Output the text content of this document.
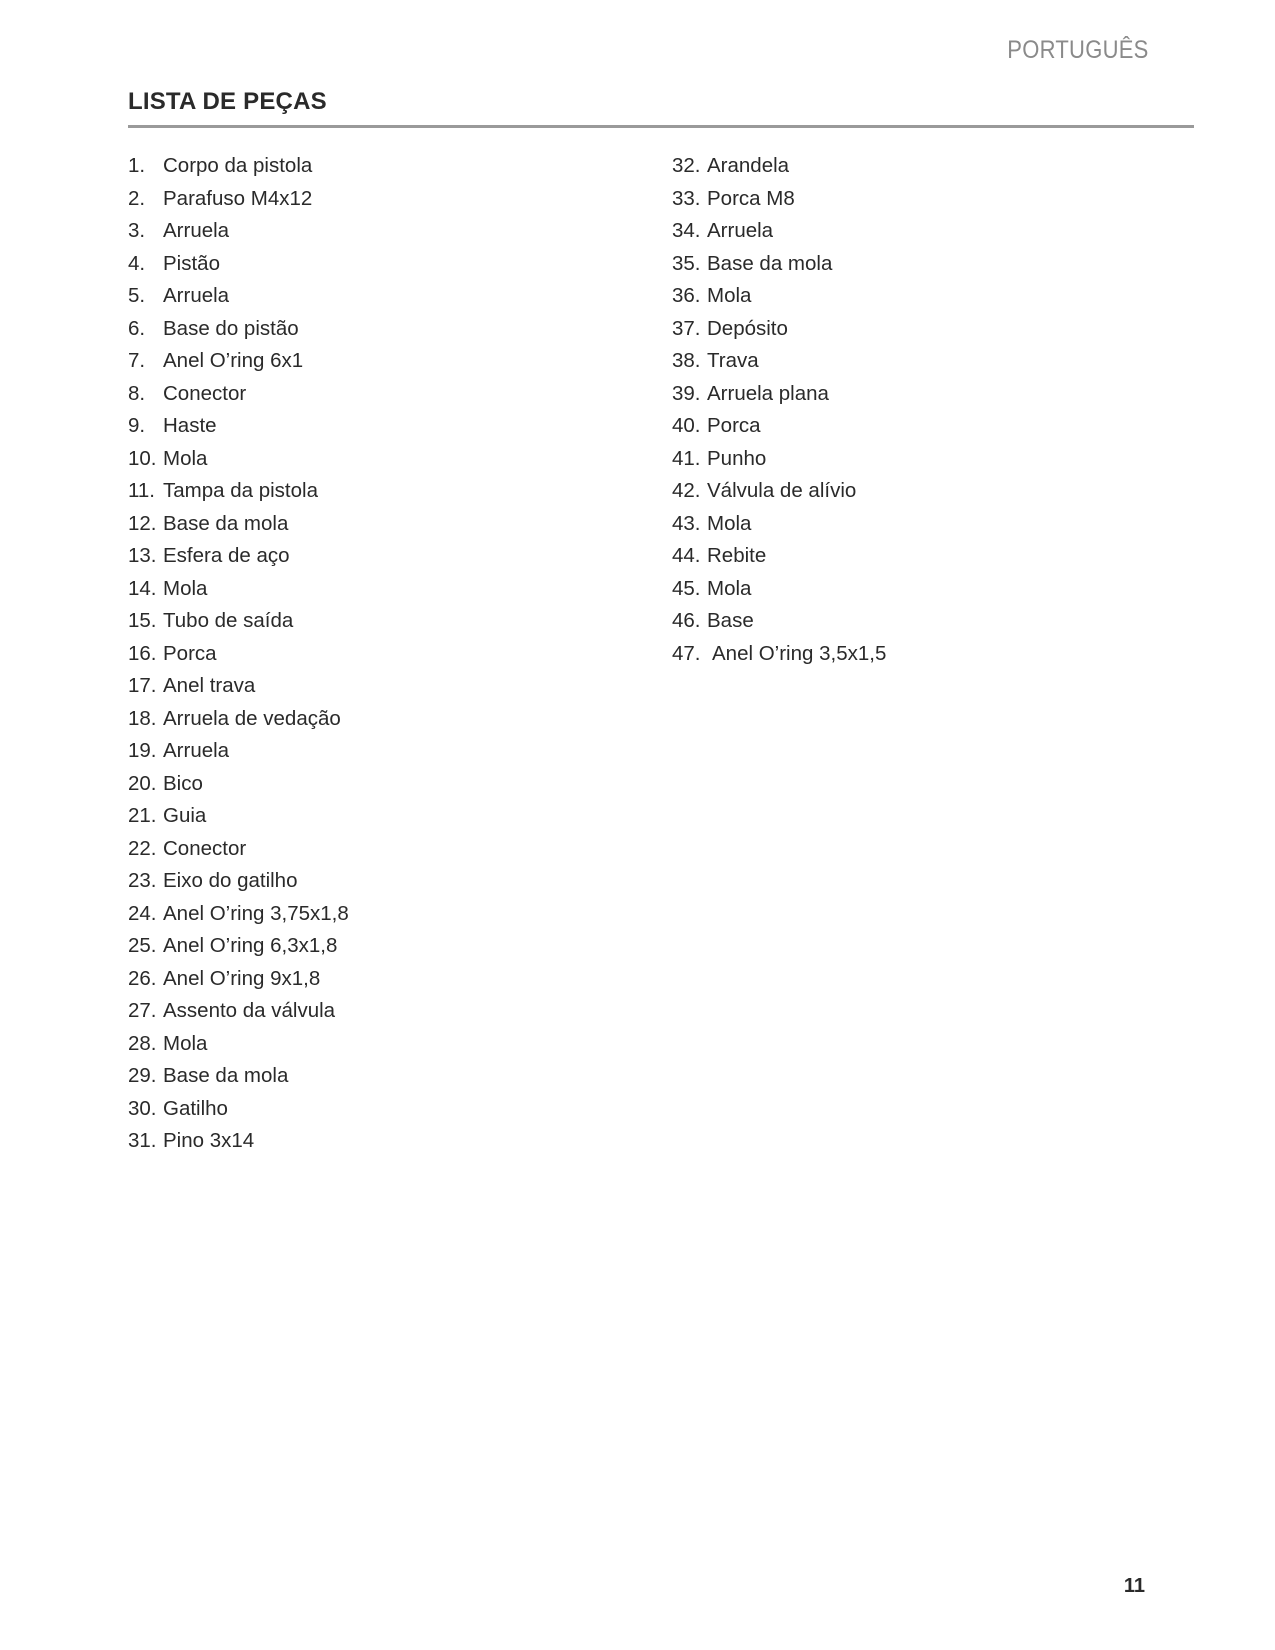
PORTUGUÊS
LISTA DE PEÇAS
1. Corpo da pistola
2. Parafuso M4x12
3. Arruela
4. Pistão
5. Arruela
6. Base do pistão
7. Anel O’ring 6x1
8. Conector
9. Haste
10. Mola
11. Tampa da pistola
12. Base da mola
13. Esfera de aço
14. Mola
15. Tubo de saída
16. Porca
17. Anel trava
18. Arruela de vedação
19. Arruela
20. Bico
21. Guia
22. Conector
23. Eixo do gatilho
24. Anel O’ring 3,75x1,8
25. Anel O’ring 6,3x1,8
26. Anel O’ring 9x1,8
27. Assento da válvula
28. Mola
29. Base da mola
30. Gatilho
31. Pino 3x14
32. Arandela
33. Porca M8
34. Arruela
35. Base da mola
36. Mola
37. Depósito
38. Trava
39. Arruela plana
40. Porca
41. Punho
42. Válvula de alívio
43. Mola
44. Rebite
45. Mola
46. Base
47. Anel O’ring 3,5x1,5
11
